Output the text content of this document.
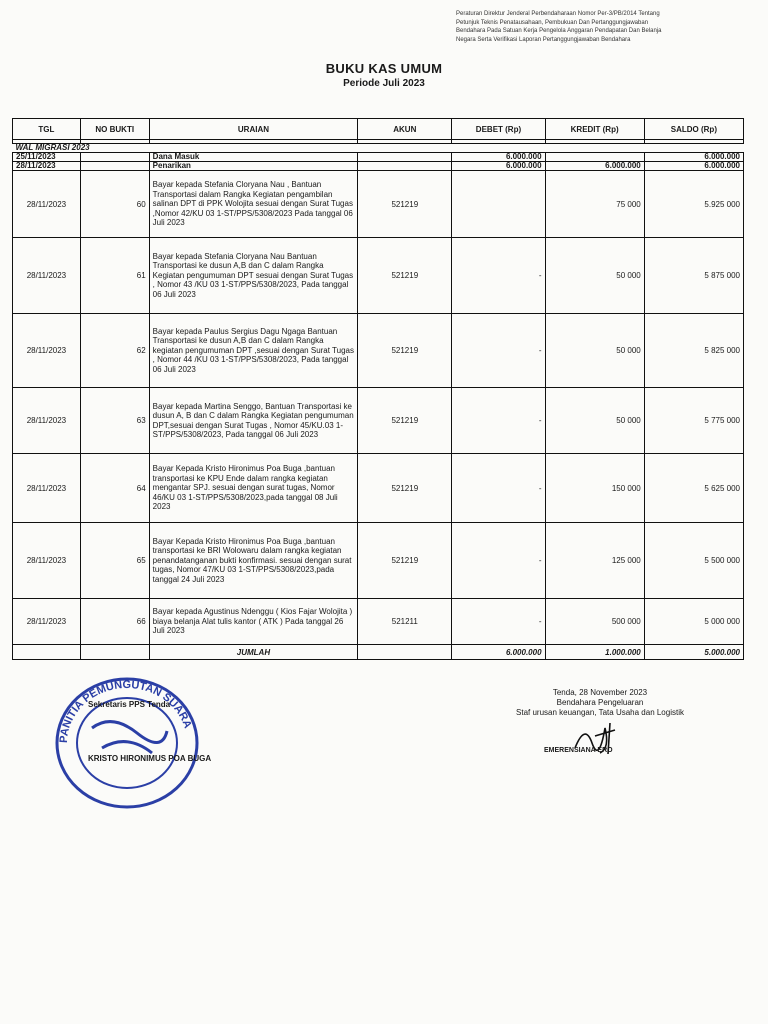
Peraturan Direktur Jenderal Perbendaharaan Nomor Per-3/PB/2014 Tentang
Petunjuk Teknis Penatausahaan, Pembukuan Dan Pertanggungjawaban
Bendahara Pada Satuan Kerja Pengelola Anggaran Pendapatan Dan Belanja
Negara Serta Verifikasi Laporan Pertanggungjawaban Bendahara
BUKU KAS UMUM
Periode Juli 2023
TGL	NO BUKTI	URAIAN	AKUN	DEBET (Rp)	KREDIT (Rp)	SALDO (Rp)

WAL MIGRASI 2023						
25/11/2023		Dana Masuk		6.000.000		6.000.000
28/11/2023		Penarikan		6.000.000	6.000.000	6.000.000
28/11/2023	60	Bayar kepada Stefania Cloryana Nau , Bantuan Transportasi dalam Rangka Kegiatan pengambilan salinan DPT di PPK Wolojita sesuai dengan Surat Tugas ,Nomor 42/KU 03 1-ST/PPS/5308/2023 Pada tanggal 06 Juli 2023	521219		75 000	5.925 000
28/11/2023	61	Bayar kepada Stefania Cloryana Nau Bantuan Transportasi ke dusun A,B dan C dalam Rangka Kegiatan pengumuman DPT sesuai dengan Surat Tugas , Nomor 43 /KU 03 1-ST/PPS/5308/2023, Pada tanggal 06 Juli 2023	521219	-	50 000	5 875 000
28/11/2023	62	Bayar kepada Paulus Sergius Dagu Ngaga Bantuan Transportasi ke dusun A,B dan C dalam Rangka kegiatan pengumuman DPT ,sesuai dengan Surat Tugas , Nomor 44 /KU 03 1-ST/PPS/5308/2023, Pada tanggal 06 Juli 2023	521219	-	50 000	5 825 000
28/11/2023	63	Bayar kepada Martina Senggo, Bantuan Transportasi ke dusun A, B dan C dalam Rangka Kegiatan pengumuman DPT,sesuai dengan Surat Tugas , Nomor 45/KU.03 1-ST/PPS/5308/2023, Pada tanggal 06 Juli 2023	521219	-	50 000	5 775 000
28/11/2023	64	Bayar Kepada Kristo Hironimus Poa Buga ,bantuan transportasi ke KPU Ende dalam rangka kegiatan mengantar SPJ. sesuai dengan surat tugas, Nomor 46/KU 03 1-ST/PPS/5308/2023,pada tanggal 08 Juli 2023	521219	-	150 000	5 625 000
28/11/2023	65	Bayar Kepada Kristo Hironimus Poa Buga ,bantuan transportasi ke BRI Wolowaru dalam rangka kegiatan penandatanganan bukti konfirmasi. sesuai dengan surat tugas, Nomor 47/KU 03 1-ST/PPS/5308/2023,pada tanggal 24 Juli 2023	521219	-	125 000	5 500 000
28/11/2023	66	Bayar kepada Agustinus Ndenggu ( Kios Fajar Wolojita ) biaya belanja Alat tulis kantor ( ATK ) Pada tanggal 26 Juli 2023	521211	-	500 000	5 000 000
		JUMLAH		6.000.000	1.000.000	5.000.000
PANITIA PEMUNGUTAN SUARA
Sekretaris PPS Tenda
KRISTO HIRONIMUS POA BUGA
Tenda, 28 November 2023
Bendahara Pengeluaran
Staf urusan keuangan, Tata Usaha dan Logistik
EMERENSIANA ERO
